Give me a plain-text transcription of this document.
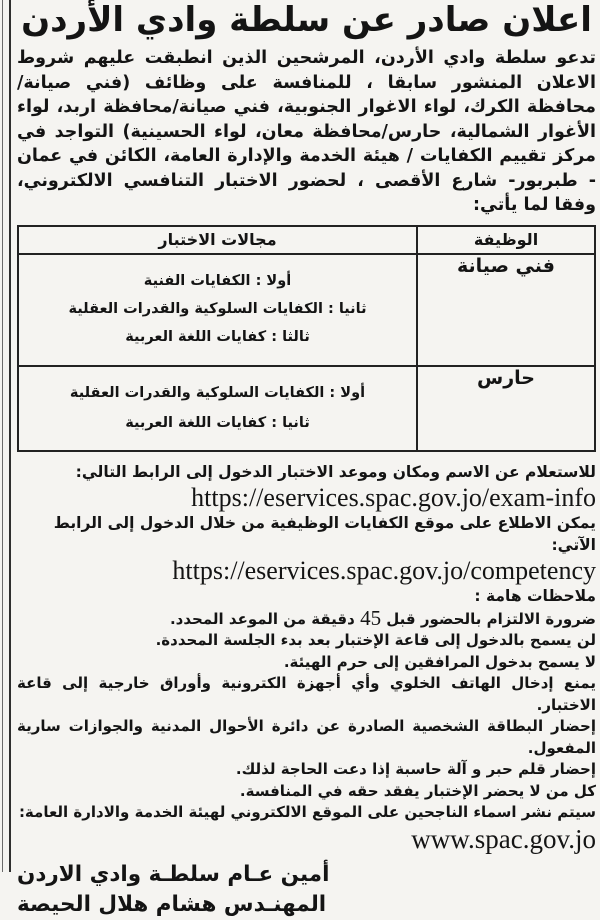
اعلان صادر عن سلطة وادي الأردن

تدعو سلطة وادي الأردن، المرشحين الذين انطبقت عليهم شروط الاعلان المنشور سابقا ، للمنافسة على وظائف (فني صيانة/محافظة الكرك، لواء الاغوار الجنوبية، فني صيانة/محافظة اربد، لواء الأغوار الشمالية، حارس/محافظة معان، لواء الحسينية) التواجد في مركز تقييم الكفايات / هيئة الخدمة والإدارة العامة، الكائن في عمان - طبربور- شارع الأقصى ، لحضور الاختبار التنافسي الالكتروني، وفقا لما يأتي:

الوظيفة	مجالات الاختبار
فني صيانة	أولا : الكفايات الفنية
ثانيا : الكفايات السلوكية والقدرات العقلية
ثالثا : كفايات اللغة العربية

حارس	أولا : الكفايات السلوكية والقدرات العقلية
ثانيا : كفايات اللغة العربية
للاستعلام عن الاسم ومكان وموعد الاختبار الدخول إلى الرابط التالي:
https://eservices.spac.gov.jo/exam-info
يمكن الاطلاع على موقع الكفايات الوظيفية من خلال الدخول إلى الرابط الآتي:
https://eservices.spac.gov.jo/competency
ملاحظات هامة :
ضرورة الالتزام بالحضور قبل 45 دقيقة من الموعد المحدد.
لن يسمح بالدخول إلى قاعة الإختبار بعد بدء الجلسة المحددة.
لا يسمح بدخول المرافقين إلى حرم الهيئة.
يمنع إدخال الهاتف الخلوي وأي أجهزة الكترونية وأوراق خارجية إلى قاعة الاختبار.
إحضار البطاقة الشخصية الصادرة عن دائرة الأحوال المدنية والجوازات سارية المفعول.
إحضار قلم حبر و آلة حاسبة إذا دعت الحاجة لذلك.
كل من لا يحضر الإختبار يفقد حقه في المنافسة.
سيتم نشر اسماء الناجحين على الموقع الالكتروني لهيئة الخدمة والادارة العامة:
www.spac.gov.jo
أمين عـام سلطـة وادي الاردن
المهنـدس هشام هلال الحيصة
